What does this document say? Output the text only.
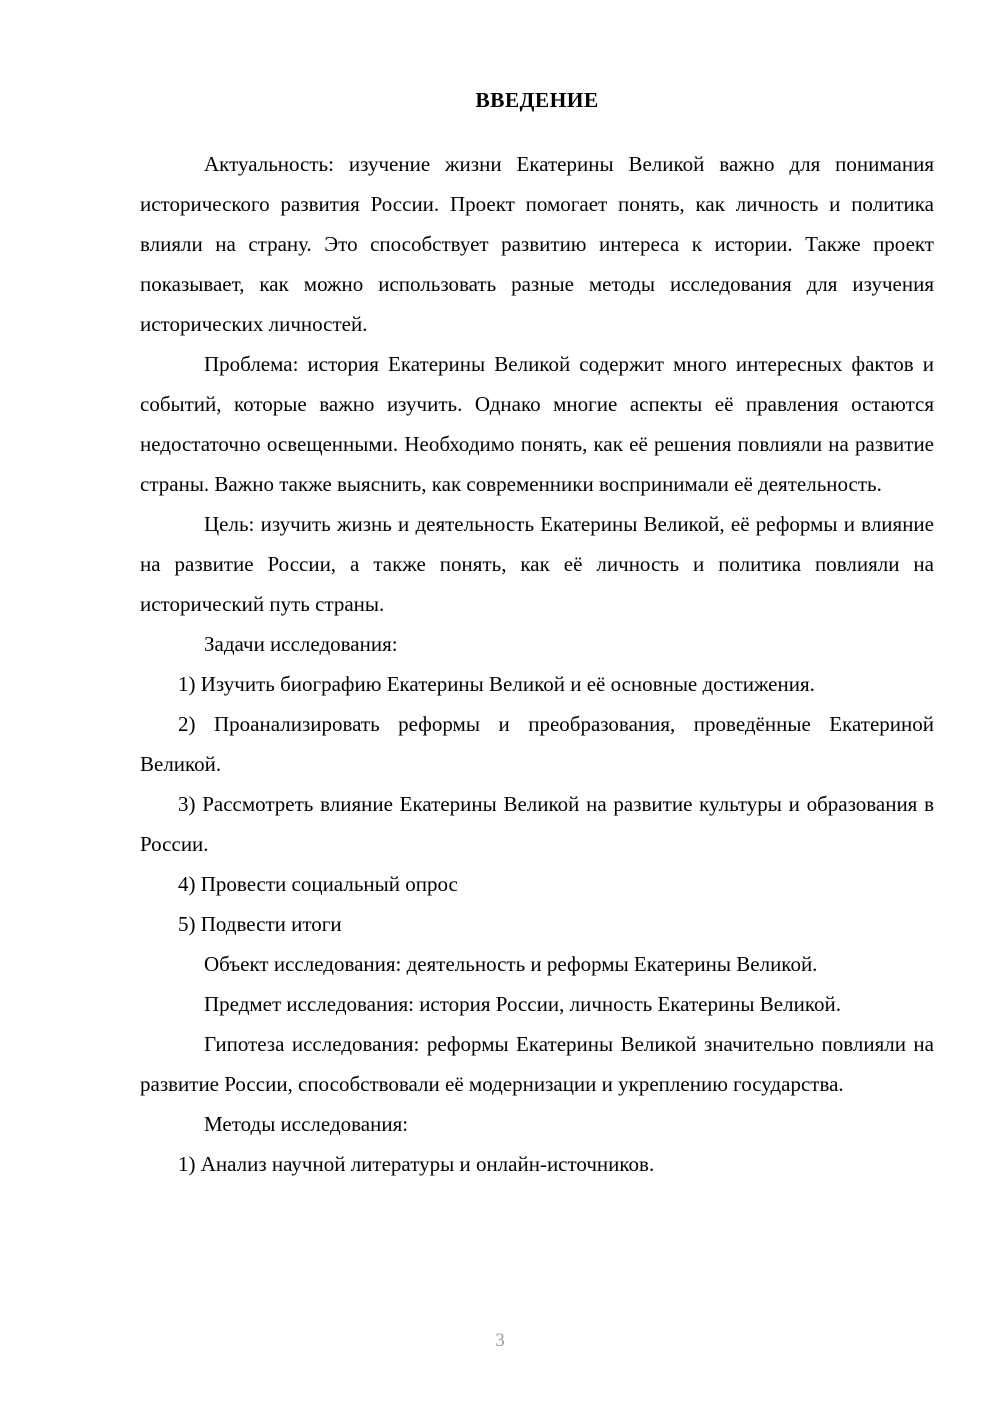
ВВЕДЕНИЕ

Актуальность: изучение жизни Екатерины Великой важно для понимания исторического развития России. Проект помогает понять, как личность и политика влияли на страну. Это способствует развитию интереса к истории. Также проект показывает, как можно использовать разные методы исследования для изучения исторических личностей.

Проблема: история Екатерины Великой содержит много интересных фактов и событий, которые важно изучить. Однако многие аспекты её правления остаются недостаточно освещенными. Необходимо понять, как её решения повлияли на развитие страны. Важно также выяснить, как современники воспринимали её деятельность.

Цель: изучить жизнь и деятельность Екатерины Великой, её реформы и влияние на развитие России, а также понять, как её личность и политика повлияли на исторический путь страны.

Задачи исследования:

1) Изучить биографию Екатерины Великой и её основные достижения.

2) Проанализировать реформы и преобразования, проведённые Екатериной Великой.

3) Рассмотреть влияние Екатерины Великой на развитие культуры и образования в России.

4) Провести социальный опрос

5) Подвести итоги

Объект исследования: деятельность и реформы Екатерины Великой.

Предмет исследования: история России, личность Екатерины Великой.

Гипотеза исследования: реформы Екатерины Великой значительно повлияли на развитие России, способствовали её модернизации и укреплению государства.

Методы исследования:

1) Анализ научной литературы и онлайн-источников.

3
